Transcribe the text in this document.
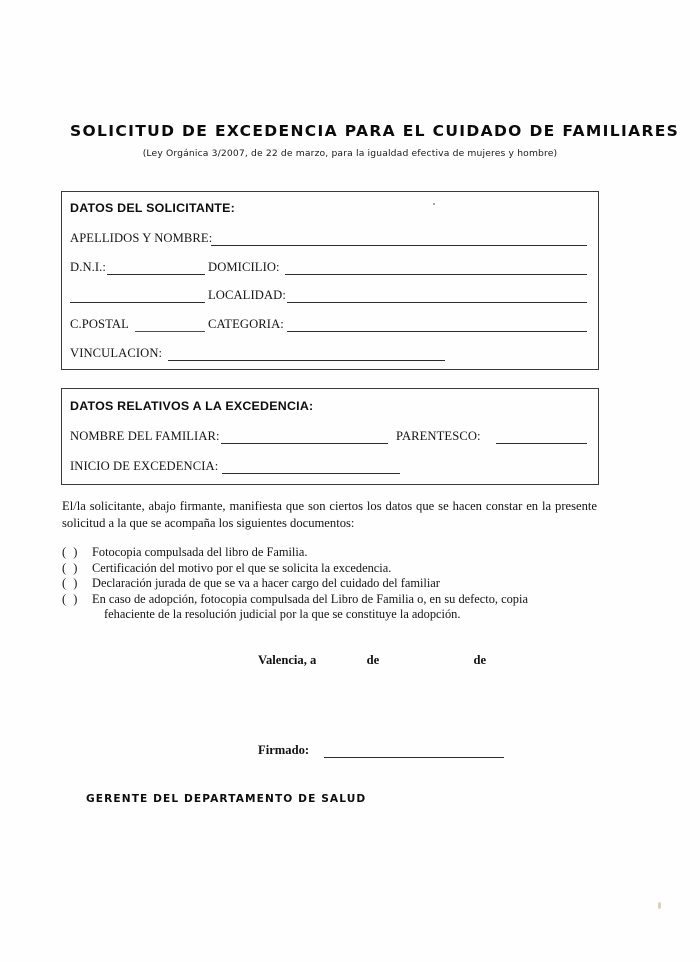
SOLICITUD DE EXCEDENCIA PARA EL CUIDADO DE FAMILIARES
(Ley Orgánica 3/2007, de 22 de marzo, para la igualdad efectiva de mujeres y hombre)
DATOS DEL SOLICITANTE:
APELLIDOS Y NOMBRE:
D.N.I.:	DOMICILIO:
LOCALIDAD:
C.POSTAL	CATEGORIA:
VINCULACION:
DATOS RELATIVOS A LA EXCEDENCIA:
NOMBRE DEL FAMILIAR:	PARENTESCO:
INICIO DE EXCEDENCIA:
El/la solicitante, abajo firmante, manifiesta que son ciertos los datos que se hacen constar en la presente solicitud a la que se acompaña los siguientes documentos:
( )	Fotocopia compulsada del libro de Familia.
( )	Certificación del motivo por el que se solicita la excedencia.
( )	Declaración jurada de que se va a hacer cargo del cuidado del familiar
( )	En caso de adopción, fotocopia compulsada del Libro de Familia o, en su defecto, copia
fehaciente de la resolución judicial por la que se constituye la adopción.
Valencia, a	de	de
Firmado:
GERENTE DEL DEPARTAMENTO DE SALUD
